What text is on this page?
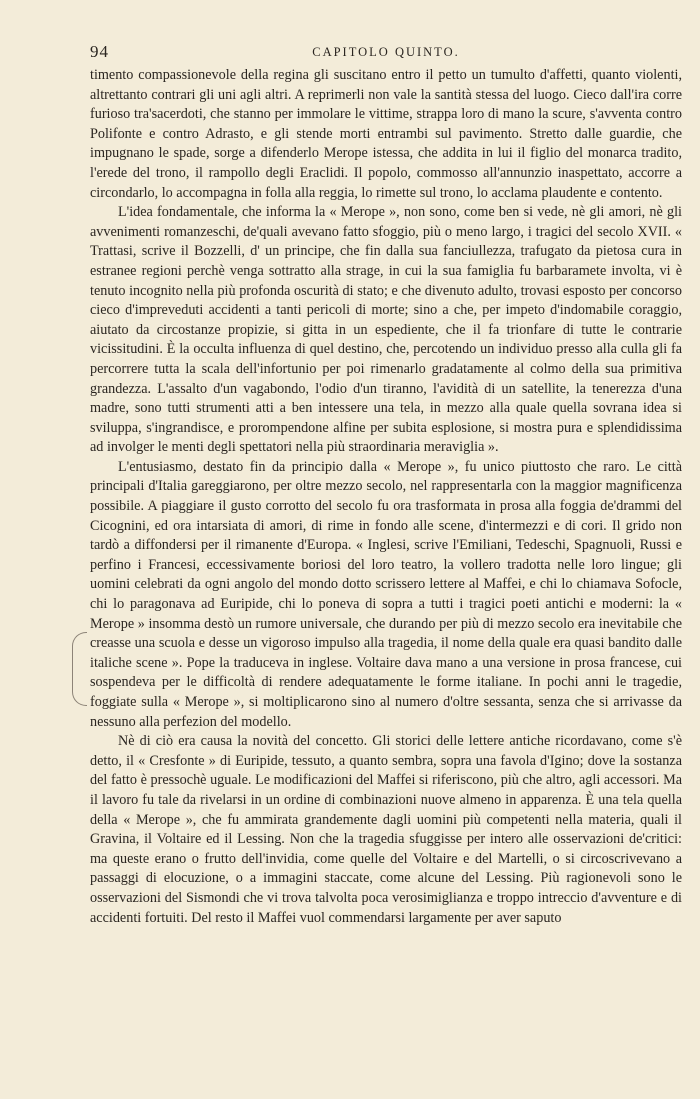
94	CAPITOLO QUINTO.

timento compassionevole della regina gli suscitano entro il petto un tumulto d'affetti, quanto violenti, altrettanto contrari gli uni agli altri. A reprimerli non vale la santità stessa del luogo. Cieco dall'ira corre furioso tra'sacerdoti, che stanno per immolare le vittime, strappa loro di mano la scure, s'avventa contro Polifonte e contro Adrasto, e gli stende morti entrambi sul pavimento. Stretto dalle guardie, che impugnano le spade, sorge a difenderlo Merope istessa, che addita in lui il figlio del monarca tradito, l'erede del trono, il rampollo degli Eraclidi. Il popolo, commosso all'annunzio inaspettato, accorre a circondarlo, lo accompagna in folla alla reggia, lo rimette sul trono, lo acclama plaudente e contento.

L'idea fondamentale, che informa la « Merope », non sono, come ben si vede, nè gli amori, nè gli avvenimenti romanzeschi, de'quali avevano fatto sfoggio, più o meno largo, i tragici del secolo XVII. « Trattasi, scrive il Bozzelli, d' un principe, che fin dalla sua fanciullezza, trafugato da pietosa cura in estranee regioni perchè venga sottratto alla strage, in cui la sua famiglia fu barbaramete involta, vi è tenuto incognito nella più profonda oscurità di stato; e che divenuto adulto, trovasi esposto per concorso cieco d'impreveduti accidenti a tanti pericoli di morte; sino a che, per impeto d'indomabile coraggio, aiutato da circostanze propizie, si gitta in un espediente, che il fa trionfare di tutte le contrarie vicissitudini. È la occulta influenza di quel destino, che, percotendo un individuo presso alla culla gli fa percorrere tutta la scala dell'infortunio per poi rimenarlo gradatamente al colmo della sua primitiva grandezza. L'assalto d'un vagabondo, l'odio d'un tiranno, l'avidità di un satellite, la tenerezza d'una madre, sono tutti strumenti atti a ben intessere una tela, in mezzo alla quale quella sovrana idea si sviluppa, s'ingrandisce, e prorompendone alfine per subita esplosione, si mostra pura e splendidissima ad involger le menti degli spettatori nella più straordinaria meraviglia ».

L'entusiasmo, destato fin da principio dalla « Merope », fu unico piuttosto che raro. Le città principali d'Italia gareggiarono, per oltre mezzo secolo, nel rappresentarla con la maggior magnificenza possibile. A piaggiare il gusto corrotto del secolo fu ora trasformata in prosa alla foggia de'drammi del Cicognini, ed ora intarsiata di amori, di rime in fondo alle scene, d'intermezzi e di cori. Il grido non tardò a diffondersi per il rimanente d'Europa. « Inglesi, scrive l'Emiliani, Tedeschi, Spagnuoli, Russi e perfino i Francesi, eccessivamente boriosi del loro teatro, la vollero tradotta nelle loro lingue; gli uomini celebrati da ogni angolo del mondo dotto scrissero lettere al Maffei, e chi lo chiamava Sofocle, chi lo paragonava ad Euripide, chi lo poneva di sopra a tutti i tragici poeti antichi e moderni: la « Merope » insomma destò un rumore universale, che durando per più di mezzo secolo era inevitabile che creasse una scuola e desse un vigoroso impulso alla tragedia, il nome della quale era quasi bandito dalle italiche scene ». Pope la traduceva in inglese. Voltaire dava mano a una versione in prosa francese, cui sospendeva per le difficoltà di rendere adequatamente le forme italiane. In pochi anni le tragedie, foggiate sulla « Merope », si moltiplicarono sino al numero d'oltre sessanta, senza che si arrivasse da nessuno alla perfezion del modello.

Nè di ciò era causa la novità del concetto. Gli storici delle lettere antiche ricordavano, come s'è detto, il « Cresfonte » di Euripide, tessuto, a quanto sembra, sopra una favola d'Igino; dove la sostanza del fatto è pressochè uguale. Le modificazioni del Maffei si riferiscono, più che altro, agli accessori. Ma il lavoro fu tale da rivelarsi in un ordine di combinazioni nuove almeno in apparenza. È una tela quella della « Merope », che fu ammirata grandemente dagli uomini più competenti nella materia, quali il Gravina, il Voltaire ed il Lessing. Non che la tragedia sfuggisse per intero alle osservazioni de'critici: ma queste erano o frutto dell'invidia, come quelle del Voltaire e del Martelli, o si circoscrivevano a passaggi di elocuzione, o a immagini staccate, come alcune del Lessing. Più ragionevoli sono le osservazioni del Sismondi che vi trova talvolta poca verosimiglianza e troppo intreccio d'avventure e di accidenti fortuiti. Del resto il Maffei vuol commendarsi largamente per aver saputo
